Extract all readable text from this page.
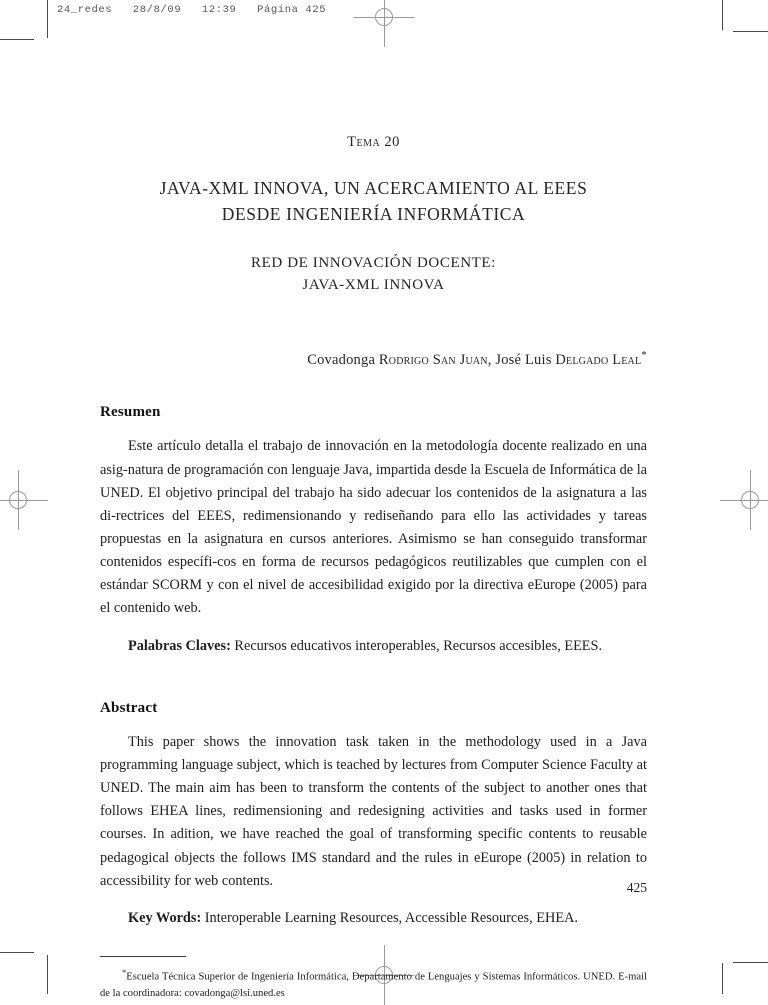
24_redes   28/8/09   12:39   Página 425
Tema 20
JAVA-XML INNOVA, UN ACERCAMIENTO AL EEES
DESDE INGENIERÍA INFORMÁTICA
RED DE INNOVACIÓN DOCENTE:
JAVA-XML INNOVA
Covadonga Rodrigo San Juan, José Luis Delgado Leal*
Resumen
Este artículo detalla el trabajo de innovación en la metodología docente realizado en una asig-natura de programación con lenguaje Java, impartida desde la Escuela de Informática de la UNED. El objetivo principal del trabajo ha sido adecuar los contenidos de la asignatura a las di-rectrices del EEES, redimensionando y rediseñando para ello las actividades y tareas propuestas en la asignatura en cursos anteriores. Asimismo se han conseguido transformar contenidos específi-cos en forma de recursos pedagógicos reutilizables que cumplen con el estándar SCORM y con el nivel de accesibilidad exigido por la directiva eEurope (2005) para el contenido web.
Palabras Claves: Recursos educativos interoperables, Recursos accesibles, EEES.
Abstract
This paper shows the innovation task taken in the methodology used in a Java programming language subject, which is teached by lectures from Computer Science Faculty at UNED. The main aim has been to transform the contents of the subject to another ones that follows EHEA lines, redimensioning and redesigning activities and tasks used in former courses. In adition, we have reached the goal of transforming specific contents to reusable pedagogical objects the follows IMS standard and the rules in eEurope (2005) in relation to accessibility for web contents.
Key Words: Interoperable Learning Resources, Accessible Resources, EHEA.
*Escuela Técnica Superior de Ingeniería Informática, Departamento de Lenguajes y Sistemas Informáticos. UNED. E-mail de la coordinadora: covadonga@lsi.uned.es
425
